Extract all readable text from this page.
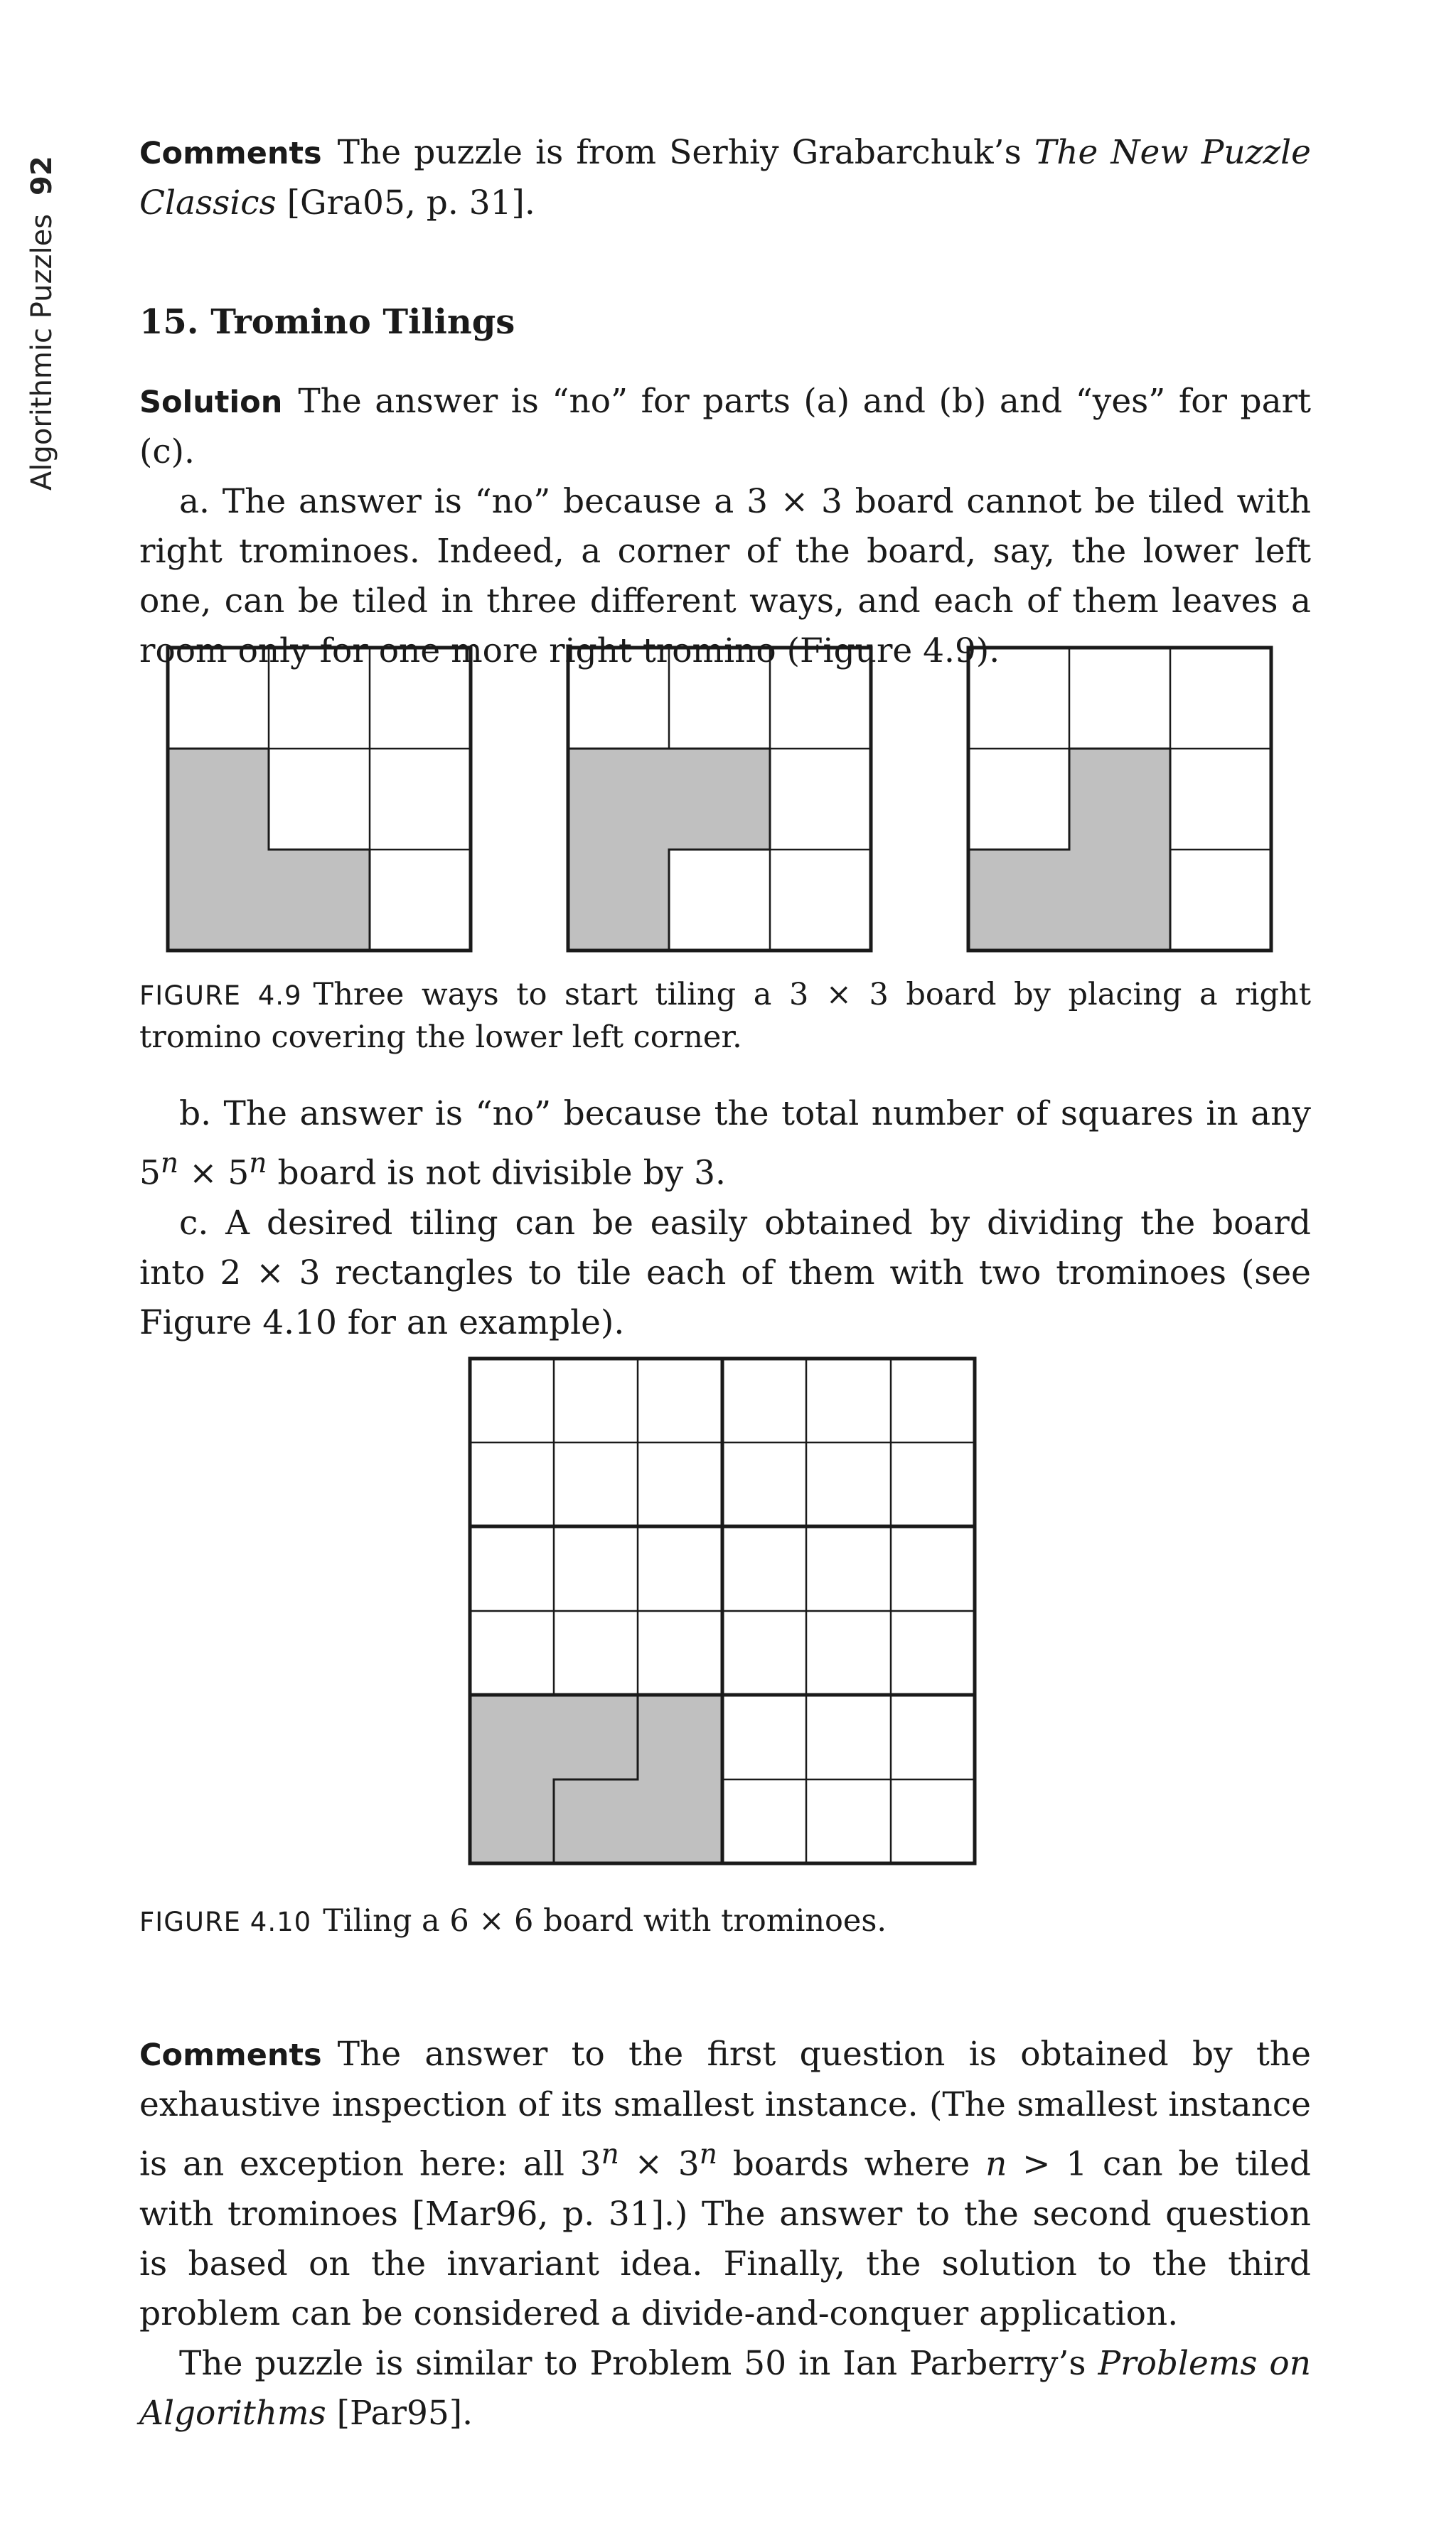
Algorithmic Puzzles92

Comments The puzzle is from Serhiy Grabarchuk’s The New Puzzle Classics [Gra05, p. 31].

15. Tromino Tilings

Solution The answer is “no” for parts (a) and (b) and “yes” for part (c).

a. The answer is “no” because a 3 × 3 board cannot be tiled with right trominoes. Indeed, a corner of the board, say, the lower left one, can be tiled in three different ways, and each of them leaves a room only for one more right tromino (Figure 4.9).

FIGURE 4.9 Three ways to start tiling a 3 × 3 board by placing a right tromino covering the lower left corner.

b. The answer is “no” because the total number of squares in any $5^n \times 5^n$ board is not divisible by 3.

c. A desired tiling can be easily obtained by dividing the board into 2 × 3 rectangles to tile each of them with two trominoes (see Figure 4.10 for an example).

FIGURE 4.10 Tiling a 6 × 6 board with trominoes.

Comments The answer to the first question is obtained by the exhaustive inspection of its smallest instance. (The smallest instance is an exception here: all $3^n \times 3^n$ boards where n > 1 can be tiled with trominoes [Mar96, p. 31].) The answer to the second question is based on the invariant idea. Finally, the solution to the third problem can be considered a divide-and-conquer application.

The puzzle is similar to Problem 50 in Ian Parberry’s Problems on Algorithms [Par95].
